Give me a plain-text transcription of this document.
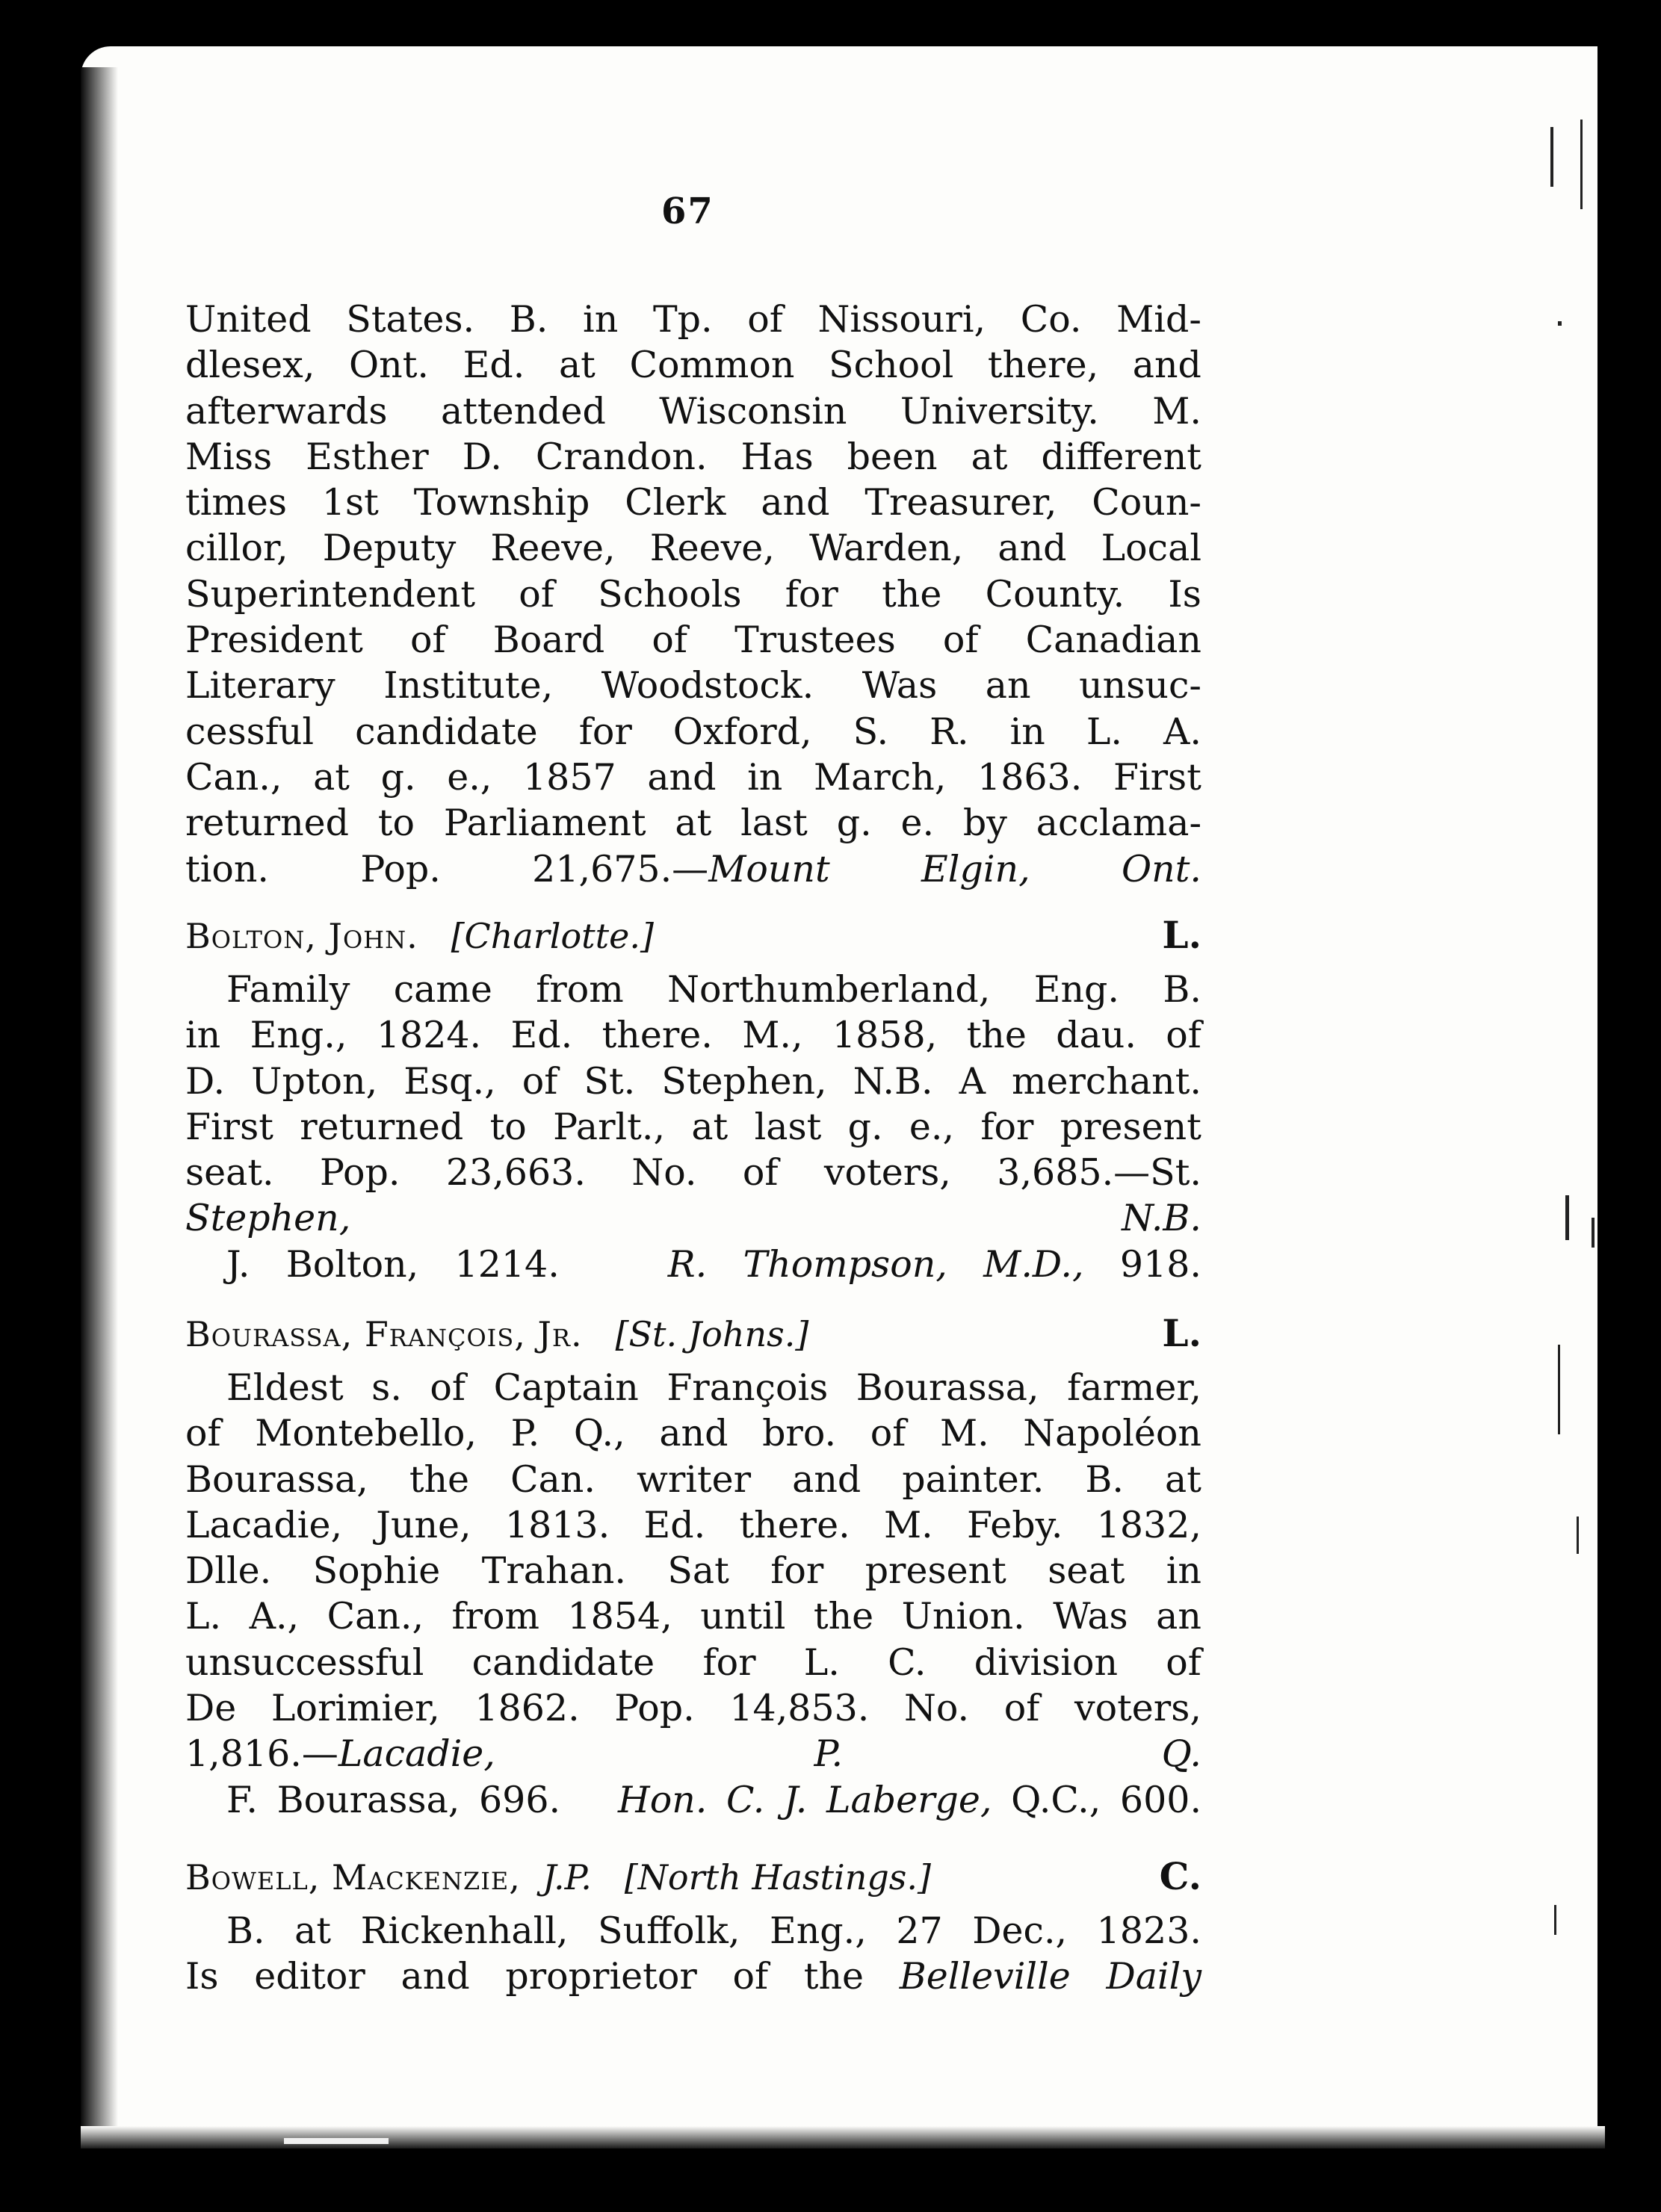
67
United States. B. in Tp. of Nissouri, Co. Mid-
dlesex, Ont. Ed. at Common School there, and
afterwards attended Wisconsin University. M.
Miss Esther D. Crandon. Has been at different
times 1st Township Clerk and Treasurer, Coun-
cillor, Deputy Reeve, Reeve, Warden, and Local
Superintendent of Schools for the County. Is
President of Board of Trustees of Canadian
Literary Institute, Woodstock. Was an unsuc-
cessful candidate for Oxford, S. R. in L. A.
Can., at g. e., 1857 and in March, 1863. First
returned to Parliament at last g. e. by acclama-
tion. Pop. 21,675.—Mount Elgin, Ont.
Bolton, John. [Charlotte.]	L.
Family came from Northumberland, Eng. B.
in Eng., 1824. Ed. there. M., 1858, the dau. of
D. Upton, Esq., of St. Stephen, N.B. A merchant.
First returned to Parlt., at last g. e., for present
seat. Pop. 23,663. No. of voters, 3,685.—St.
Stephen, N.B.
J. Bolton, 1214.	R. Thompson, M.D., 918.
Bourassa, François, Jr. [St. Johns.]	L.
Eldest s. of Captain François Bourassa, farmer,
of Montebello, P. Q., and bro. of M. Napoléon
Bourassa, the Can. writer and painter. B. at
Lacadie, June, 1813. Ed. there. M. Feby. 1832,
Dlle. Sophie Trahan. Sat for present seat in
L. A., Can., from 1854, until the Union. Was an
unsuccessful candidate for L. C. division of
De Lorimier, 1862. Pop. 14,853. No. of voters,
1,816.—Lacadie, P. Q.
F. Bourassa, 696. Hon. C. J. Laberge, Q.C., 600.
Bowell, Mackenzie, J.P. [North Hastings.]	C.
B. at Rickenhall, Suffolk, Eng., 27 Dec., 1823.
Is editor and proprietor of the Belleville Daily
